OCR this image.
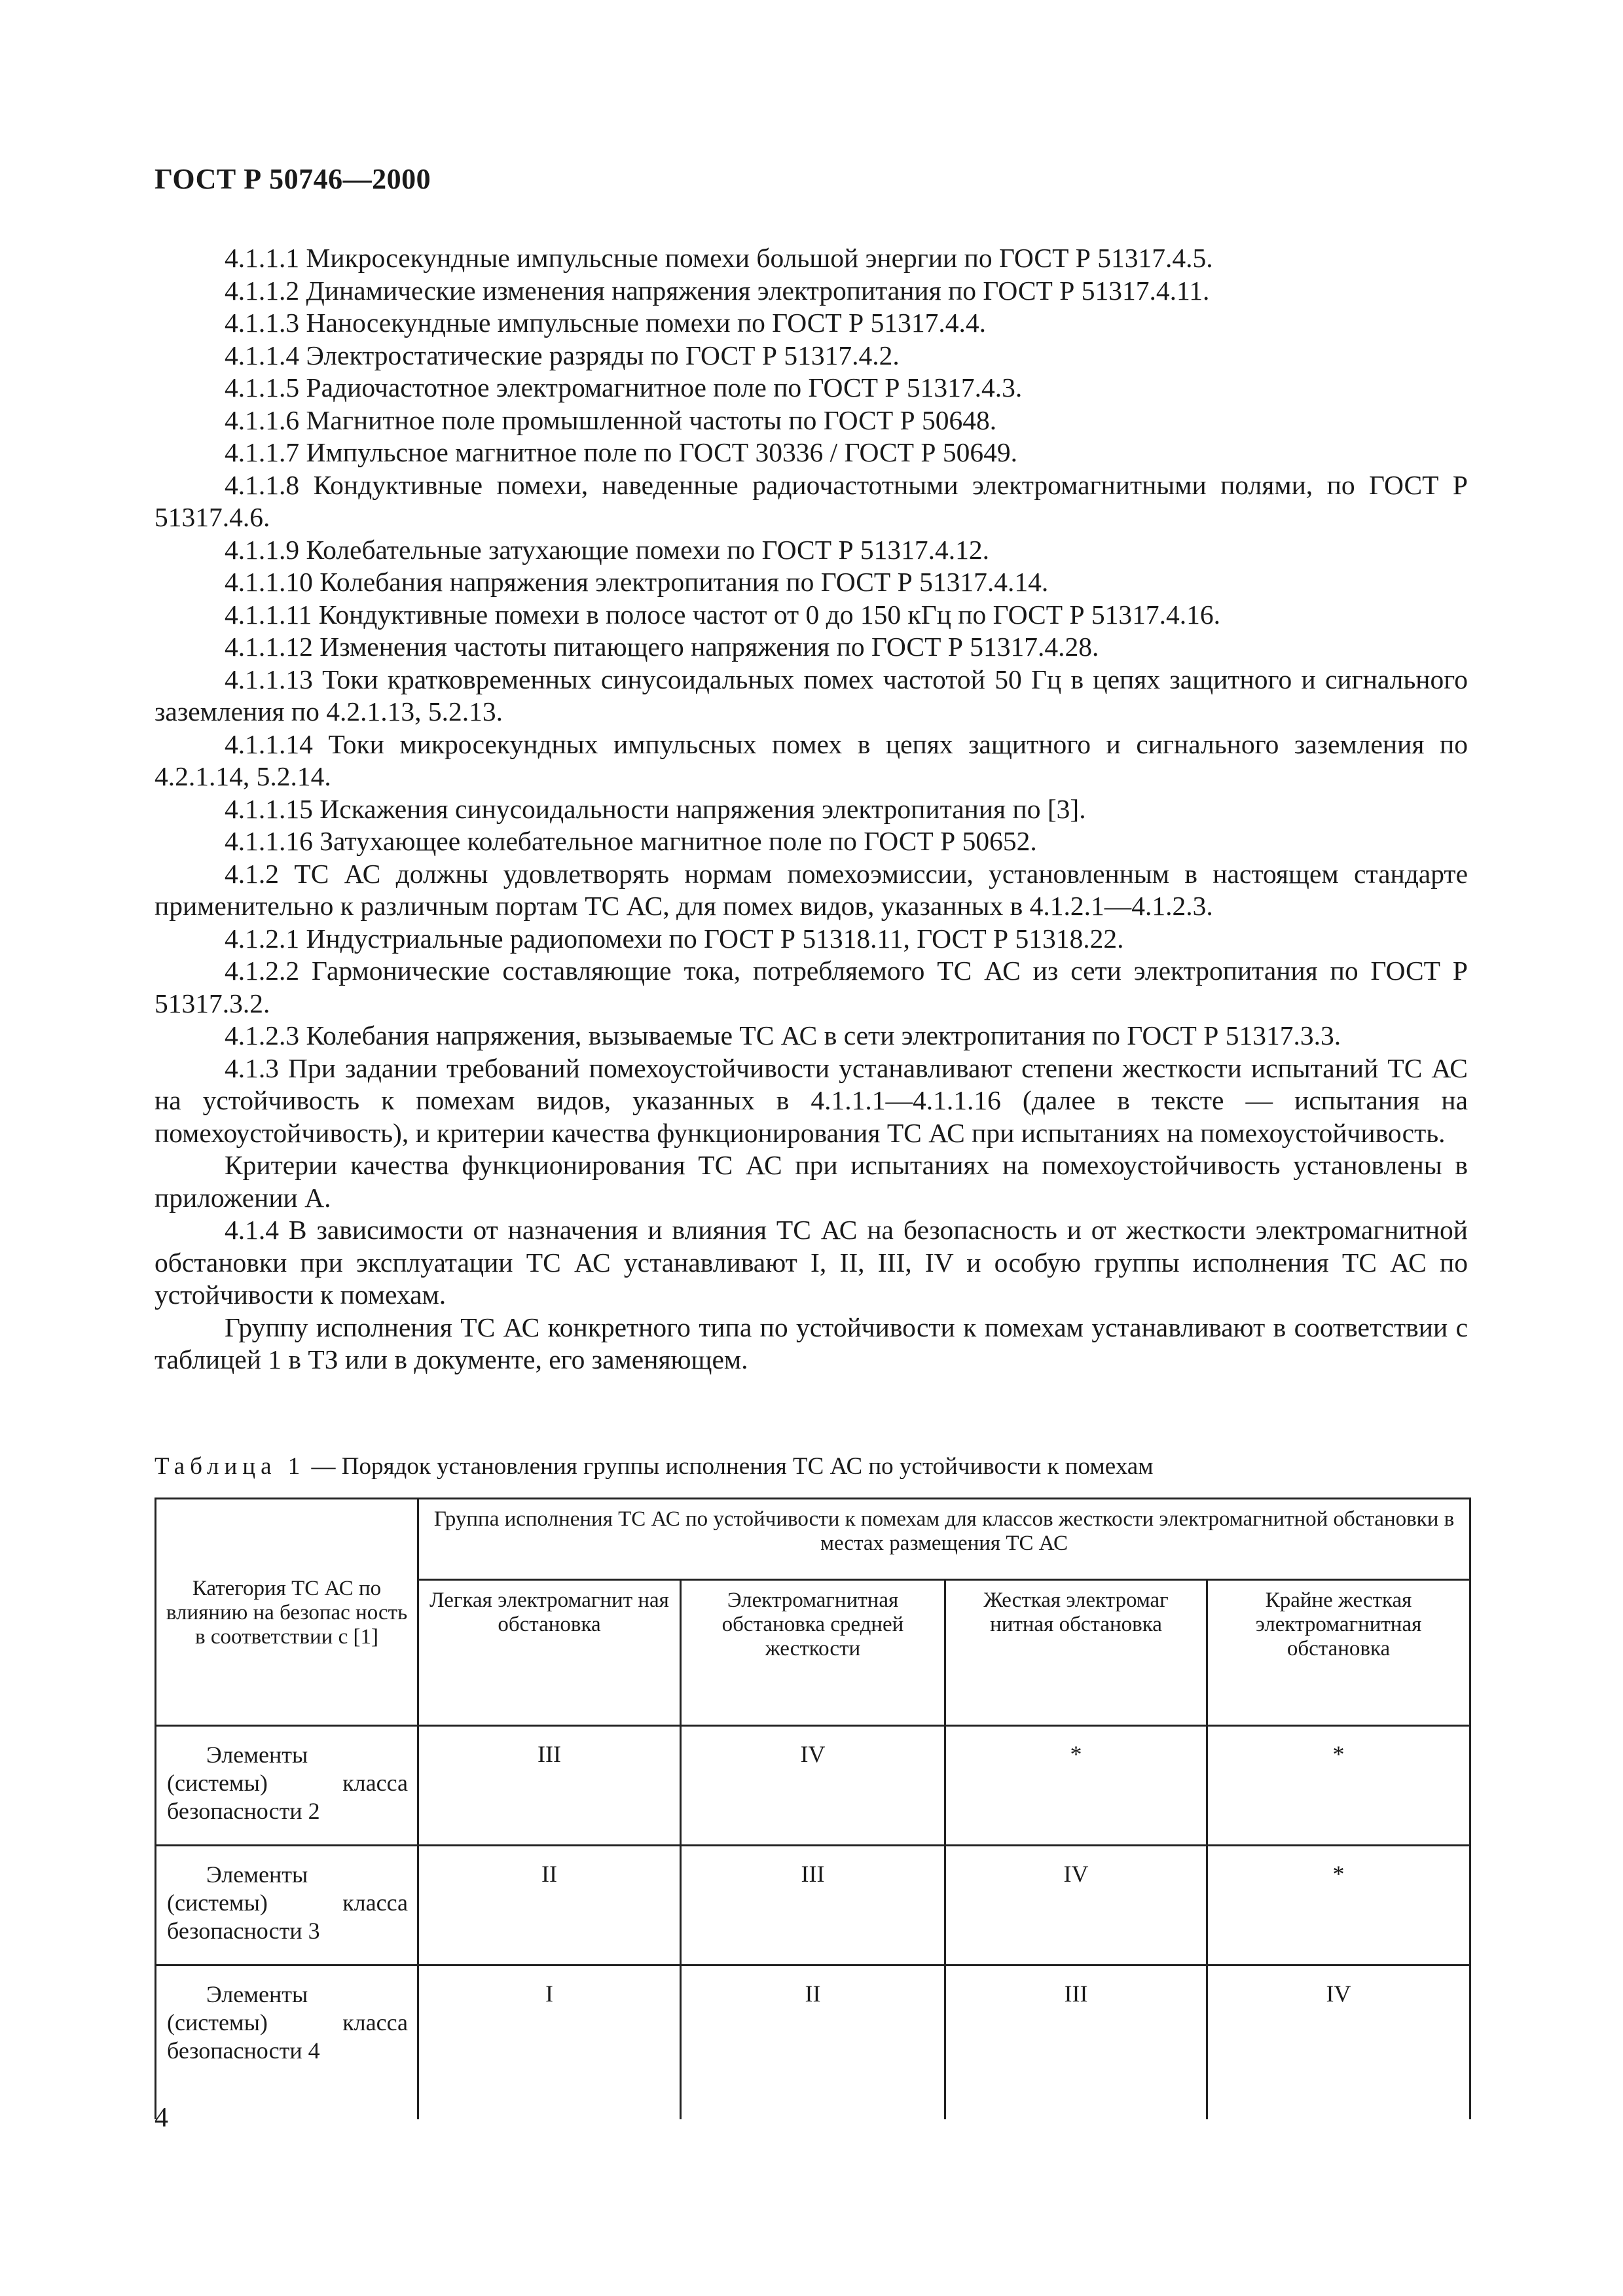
ГОСТ Р 50746—2000

4.1.1.1 Микросекундные импульсные помехи большой энергии по ГОСТ Р 51317.4.5.

4.1.1.2 Динамические изменения напряжения электропитания по ГОСТ Р 51317.4.11.

4.1.1.3 Наносекундные импульсные помехи по ГОСТ Р 51317.4.4.

4.1.1.4 Электростатические разряды по ГОСТ Р 51317.4.2.

4.1.1.5 Радиочастотное электромагнитное поле по ГОСТ Р 51317.4.3.

4.1.1.6 Магнитное поле промышленной частоты по ГОСТ Р 50648.

4.1.1.7 Импульсное магнитное поле по ГОСТ 30336 / ГОСТ Р 50649.

4.1.1.8 Кондуктивные помехи, наведенные радиочастотными электромагнитными полями, по ГОСТ Р 51317.4.6.

4.1.1.9 Колебательные затухающие помехи по ГОСТ Р 51317.4.12.

4.1.1.10 Колебания напряжения электропитания по ГОСТ Р 51317.4.14.

4.1.1.11 Кондуктивные помехи в полосе частот от 0 до 150 кГц по ГОСТ Р 51317.4.16.

4.1.1.12 Изменения частоты питающего напряжения по ГОСТ Р 51317.4.28.

4.1.1.13 Токи кратковременных синусоидальных помех частотой 50 Гц в цепях защитного и сигнального заземления по 4.2.1.13, 5.2.13.

4.1.1.14 Токи микросекундных импульсных помех в цепях защитного и сигнального заземления по 4.2.1.14, 5.2.14.

4.1.1.15 Искажения синусоидальности напряжения электропитания по [3].

4.1.1.16 Затухающее колебательное магнитное поле по ГОСТ Р 50652.

4.1.2 ТС АС должны удовлетворять нормам помехоэмиссии, установленным в настоящем стандарте применительно к различным портам ТС АС, для помех видов, указанных в 4.1.2.1—4.1.2.3.

4.1.2.1 Индустриальные радиопомехи по ГОСТ Р 51318.11, ГОСТ Р 51318.22.

4.1.2.2 Гармонические составляющие тока, потребляемого ТС АС из сети электропитания по ГОСТ Р 51317.3.2.

4.1.2.3 Колебания напряжения, вызываемые ТС АС в сети электропитания по ГОСТ Р 51317.3.3.

4.1.3 При задании требований помехоустойчивости устанавливают степени жесткости испытаний ТС АС на устойчивость к помехам видов, указанных в 4.1.1.1—4.1.1.16 (далее в тексте — испытания на помехоустойчивость), и критерии качества функционирования ТС АС при испытаниях на помехоустойчивость.

Критерии качества функционирования ТС АС при испытаниях на помехоустойчивость установлены в приложении А.

4.1.4 В зависимости от назначения и влияния ТС АС на безопасность и от жесткости электромагнитной обстановки при эксплуатации ТС АС устанавливают I, II, III, IV и особую группы исполнения ТС АС по устойчивости к помехам.

Группу исполнения ТС АС конкретного типа по устойчивости к помехам устанавливают в соответствии с таблицей 1 в ТЗ или в документе, его заменяющем.

Таблица 1 — Порядок установления группы исполнения ТС АС по устойчивости к помехам
Категория ТС АС по влиянию на безопас ность в соответствии с [1]	Группа исполнения ТС АС по устойчивости к помехам для классов жесткости электромагнитной обстановки в местах размещения ТС АС			
	Легкая электромагнит ная обстановка	Электромагнитная обстановка средней жесткости	Жесткая электромаг нитная обстановка	Крайне жесткая электромагнитная обстановка
Элементы (системы) класса безопасности 2	III	IV	*	*
Элементы (системы) класса безопасности 3	II	III	IV	*
Элементы (системы) класса безопасности 4	I	II	III	IV
4
